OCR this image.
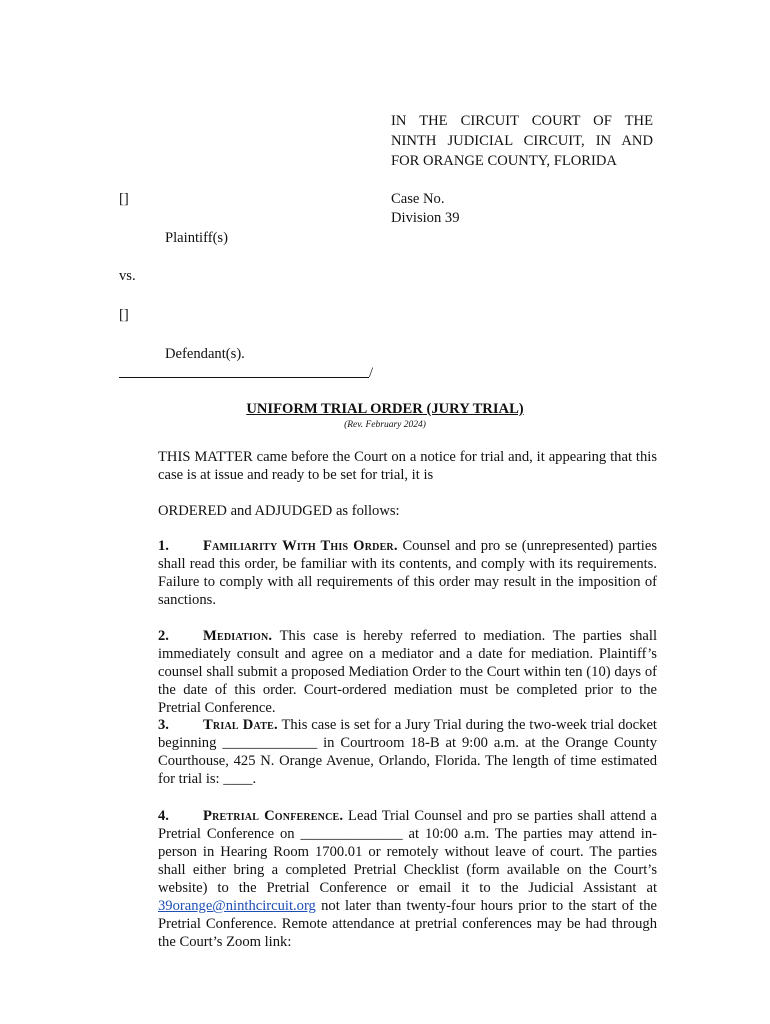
IN THE CIRCUIT COURT OF THE
NINTH JUDICIAL CIRCUIT, IN AND
FOR ORANGE COUNTY, FLORIDA
[]	Case No.
Division 39
Plaintiff(s)
vs.
[]
Defendant(s).
/
UNIFORM TRIAL ORDER (JURY TRIAL)
(Rev. February 2024)

THIS MATTER came before the Court on a notice for trial and, it appearing that this case is at issue and ready to be set for trial, it is

ORDERED and ADJUDGED as follows:

1. Familiarity With This Order. Counsel and pro se (unrepresented) parties shall read this order, be familiar with its contents, and comply with its requirements. Failure to comply with all requirements of this order may result in the imposition of sanctions.

2. Mediation. This case is hereby referred to mediation. The parties shall immediately consult and agree on a mediator and a date for mediation. Plaintiff’s counsel shall submit a proposed Mediation Order to the Court within ten (10) days of the date of this order. Court-ordered mediation must be completed prior to the Pretrial Conference.

3. Trial Date. This case is set for a Jury Trial during the two-week trial docket beginning _____________ in Courtroom 18-B at 9:00 a.m. at the Orange County Courthouse, 425 N. Orange Avenue, Orlando, Florida. The length of time estimated for trial is: ____.

4. Pretrial Conference. Lead Trial Counsel and pro se parties shall attend a Pretrial Conference on ______________ at 10:00 a.m. The parties may attend in-person in Hearing Room 1700.01 or remotely without leave of court. The parties shall either bring a completed Pretrial Checklist (form available on the Court’s website) to the Pretrial Conference or email it to the Judicial Assistant at 39orange@ninthcircuit.org not later than twenty-four hours prior to the start of the Pretrial Conference. Remote attendance at pretrial conferences may be had through the Court’s Zoom link:
